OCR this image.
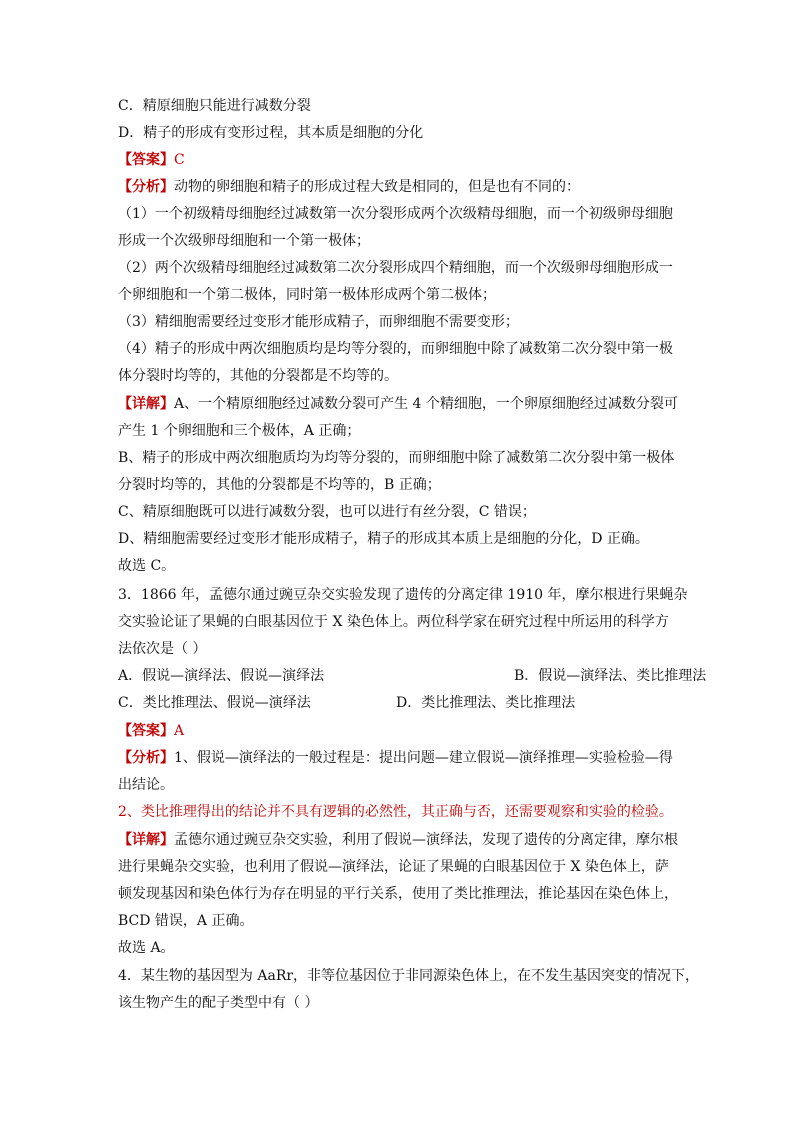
C．精原细胞只能进行减数分裂
D．精子的形成有变形过程，其本质是细胞的分化
【答案】C
【分析】动物的卵细胞和精子的形成过程大致是相同的，但是也有不同的：
（1）一个初级精母细胞经过减数第一次分裂形成两个次级精母细胞，而一个初级卵母细胞
形成一个次级卵母细胞和一个第一极体；
（2）两个次级精母细胞经过减数第二次分裂形成四个精细胞，而一个次级卵母细胞形成一
个卵细胞和一个第二极体，同时第一极体形成两个第二极体；
（3）精细胞需要经过变形才能形成精子，而卵细胞不需要变形；
（4）精子的形成中两次细胞质均是均等分裂的，而卵细胞中除了减数第二次分裂中第一极
体分裂时均等的，其他的分裂都是不均等的。
【详解】A、一个精原细胞经过减数分裂可产生 4 个精细胞，一个卵原细胞经过减数分裂可
产生 1 个卵细胞和三个极体，A 正确；
B、精子的形成中两次细胞质均为均等分裂的，而卵细胞中除了减数第二次分裂中第一极体
分裂时均等的，其他的分裂都是不均等的，B 正确；
C、精原细胞既可以进行减数分裂，也可以进行有丝分裂，C 错误；
D、精细胞需要经过变形才能形成精子，精子的形成其本质上是细胞的分化，D 正确。
故选 C。
3．1866 年，孟德尔通过豌豆杂交实验发现了遗传的分离定律 1910 年，摩尔根进行果蝇杂
交实验论证了果蝇的白眼基因位于 X 染色体上。两位科学家在研究过程中所运用的科学方
法依次是（ ）
A．假说—演绎法、假说—演绎法	B．假说—演绎法、类比推理法
C．类比推理法、假说—演绎法	D．类比推理法、类比推理法
【答案】A
【分析】1、假说—演绎法的一般过程是：提出问题—建立假说—演绎推理—实验检验—得
出结论。
2、类比推理得出的结论并不具有逻辑的必然性，其正确与否，还需要观察和实验的检验。
【详解】孟德尔通过豌豆杂交实验，利用了假说—演绎法，发现了遗传的分离定律，摩尔根
进行果蝇杂交实验，也利用了假说—演绎法，论证了果蝇的白眼基因位于 X 染色体上，萨
顿发现基因和染色体行为存在明显的平行关系，使用了类比推理法，推论基因在染色体上，
BCD 错误，A 正确。
故选 A。
4．某生物的基因型为 AaRr，非等位基因位于非同源染色体上，在不发生基因突变的情况下，
该生物产生的配子类型中有（ ）
